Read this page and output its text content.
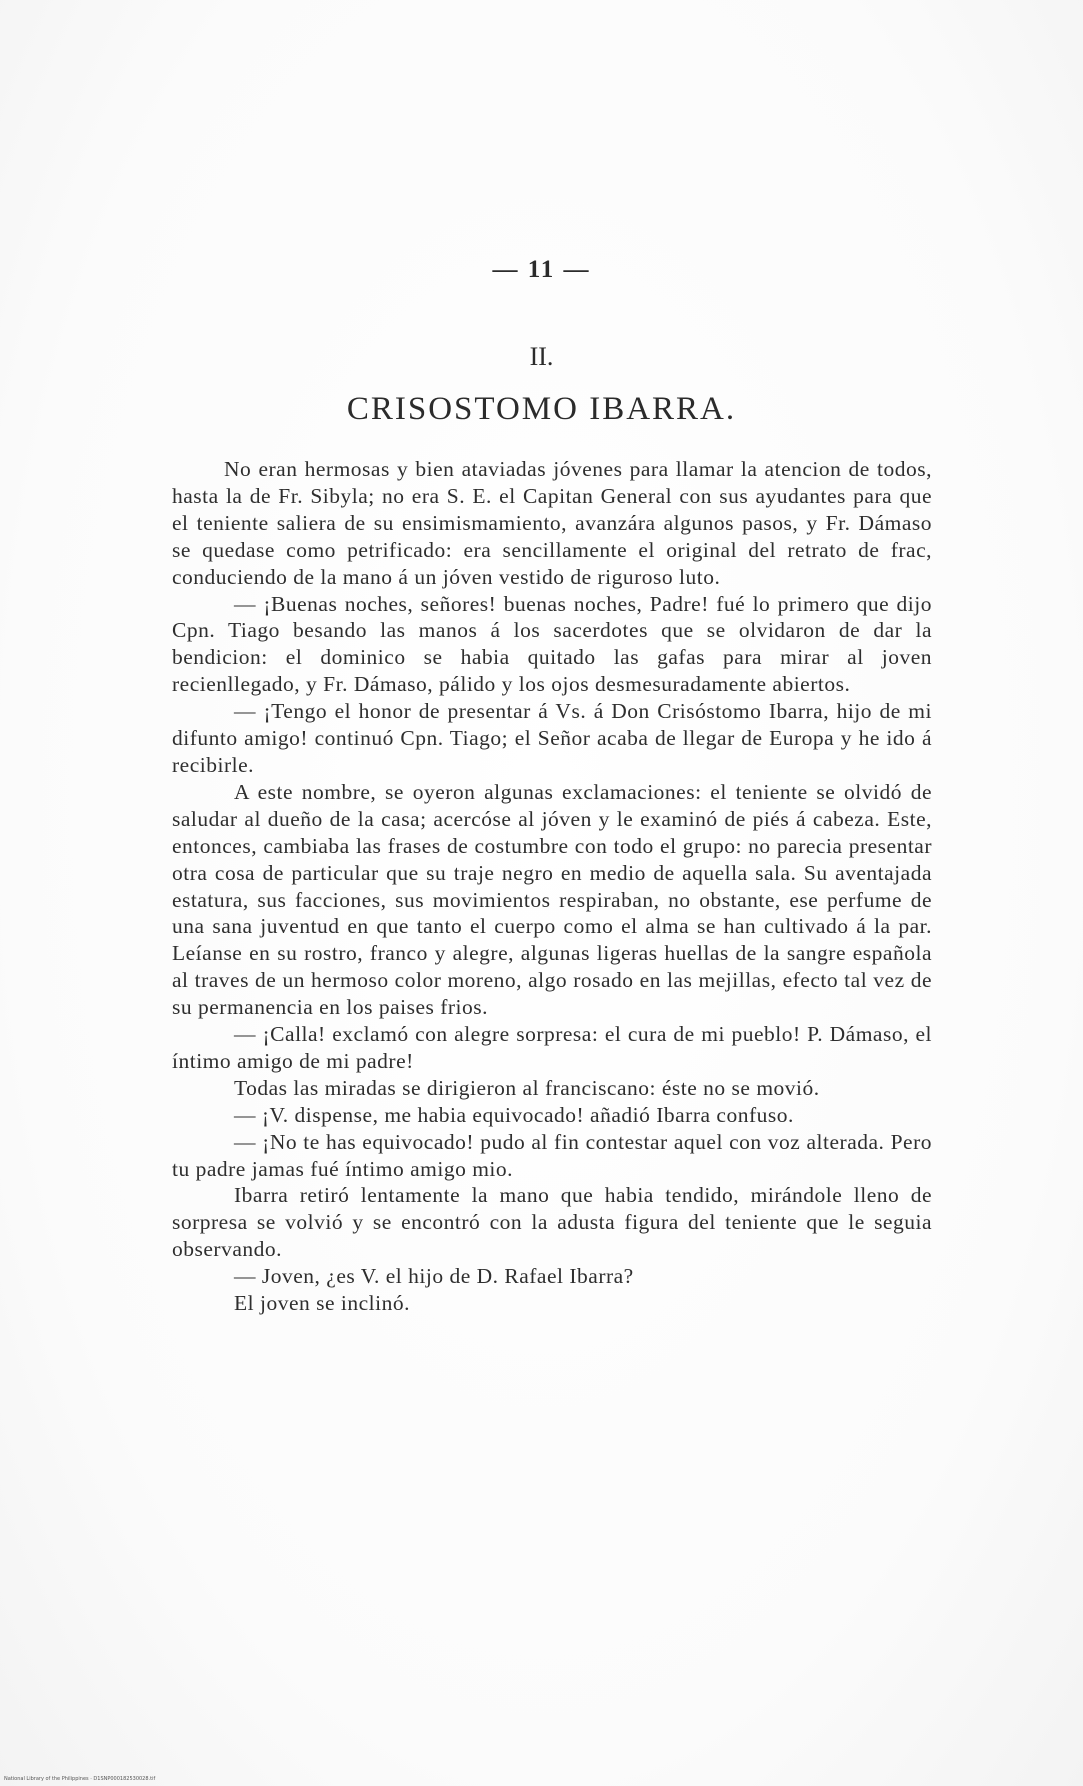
— 11 —
II.
CRISOSTOMO IBARRA.

No eran hermosas y bien ataviadas jóvenes para llamar la atencion de todos, hasta la de Fr. Sibyla; no era S. E. el Capitan General con sus ayudantes para que el teniente saliera de su ensimismamiento, avanzára algunos pasos, y Fr. Dámaso se quedase como petrificado: era sencillamente el original del retrato de frac, conduciendo de la mano á un jóven vestido de riguroso luto.

— ¡Buenas noches, señores! buenas noches, Padre! fué lo primero que dijo Cpn. Tiago besando las manos á los sacerdotes que se olvidaron de dar la bendicion: el dominico se habia quitado las gafas para mirar al joven recienllegado, y Fr. Dámaso, pálido y los ojos desmesuradamente abiertos.

— ¡Tengo el honor de presentar á Vs. á Don Crisóstomo Ibarra, hijo de mi difunto amigo! continuó Cpn. Tiago; el Señor acaba de llegar de Europa y he ido á recibirle.

A este nombre, se oyeron algunas exclamaciones: el teniente se olvidó de saludar al dueño de la casa; acercóse al jóven y le examinó de piés á cabeza. Este, entonces, cambiaba las frases de costumbre con todo el grupo: no parecia presentar otra cosa de particular que su traje negro en medio de aquella sala. Su aventajada estatura, sus facciones, sus movimientos respiraban, no obstante, ese perfume de una sana juventud en que tanto el cuerpo como el alma se han cultivado á la par. Leíanse en su rostro, franco y alegre, algunas ligeras huellas de la sangre española al traves de un hermoso color moreno, algo rosado en las mejillas, efecto tal vez de su permanencia en los paises frios.

— ¡Calla! exclamó con alegre sorpresa: el cura de mi pueblo! P. Dámaso, el íntimo amigo de mi padre!

Todas las miradas se dirigieron al franciscano: éste no se movió.

— ¡V. dispense, me habia equivocado! añadió Ibarra confuso.

— ¡No te has equivocado! pudo al fin contestar aquel con voz alterada. Pero tu padre jamas fué íntimo amigo mio.

Ibarra retiró lentamente la mano que habia tendido, mirándole lleno de sorpresa se volvió y se encontró con la adusta figura del teniente que le seguia observando.

— Joven, ¿es V. el hijo de D. Rafael Ibarra?

El joven se inclinó.

National Library of the Philippines · D1SNP000182530028.tif
